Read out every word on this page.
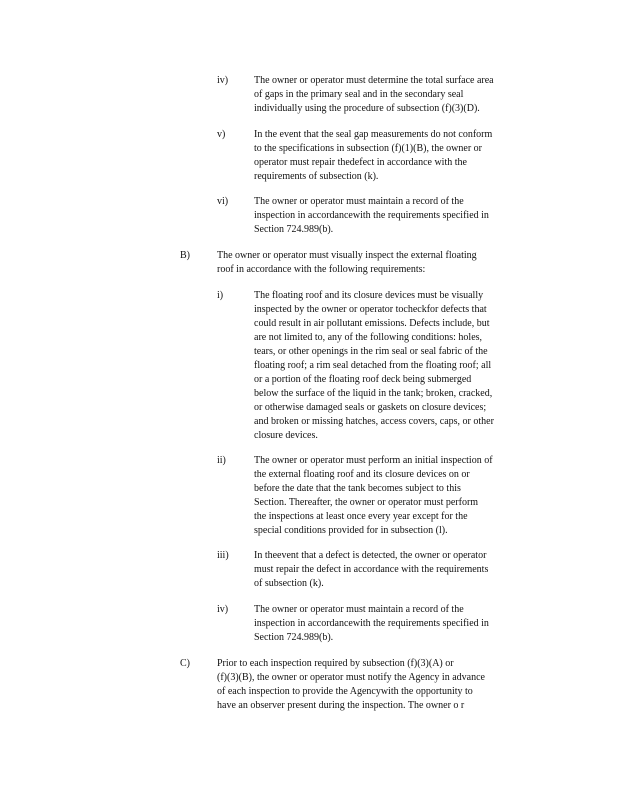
iv)	The owner or operator must determine the total surface area
of gaps in the primary seal and in the secondary seal
individually using the procedure of subsection (f)(3)(D).
v)	In the event that the seal gap measurements do not conform
to the specifications in subsection (f)(1)(B), the owner or
operator must repair thedefect in accordance with the
requirements of subsection (k).
vi)	The owner or operator must maintain a record of the
inspection in accordancewith the requirements specified in
Section 724.989(b).
B)	The owner or operator must visually inspect the external floating
roof in accordance with the following requirements:
i)	The floating roof and its closure devices must be visually
inspected by the owner or operator tocheckfor defects that
could result in air pollutant emissions. Defects include, but
are not limited to, any of the following conditions: holes,
tears, or other openings in the rim seal or seal fabric of the
floating roof; a rim seal detached from the floating roof; all
or a portion of the floating roof deck being submerged
below the surface of the liquid in the tank; broken, cracked,
or otherwise damaged seals or gaskets on closure devices;
and broken or missing hatches, access covers, caps, or other
closure devices.
ii)	The owner or operator must perform an initial inspection of
the external floating roof and its closure devices on or
before the date that the tank becomes subject to this
Section. Thereafter, the owner or operator must perform
the inspections at least once every year except for the
special conditions provided for in subsection (l).
iii)	In theevent that a defect is detected, the owner or operator
must repair the defect in accordance with the requirements
of subsection (k).
iv)	The owner or operator must maintain a record of the
inspection in accordancewith the requirements specified in
Section 724.989(b).
C)	Prior to each inspection required by subsection (f)(3)(A) or
(f)(3)(B), the owner or operator must notify the Agency in advance
of each inspection to provide the Agencywith the opportunity to
have an observer present during the inspection. The owner o r
